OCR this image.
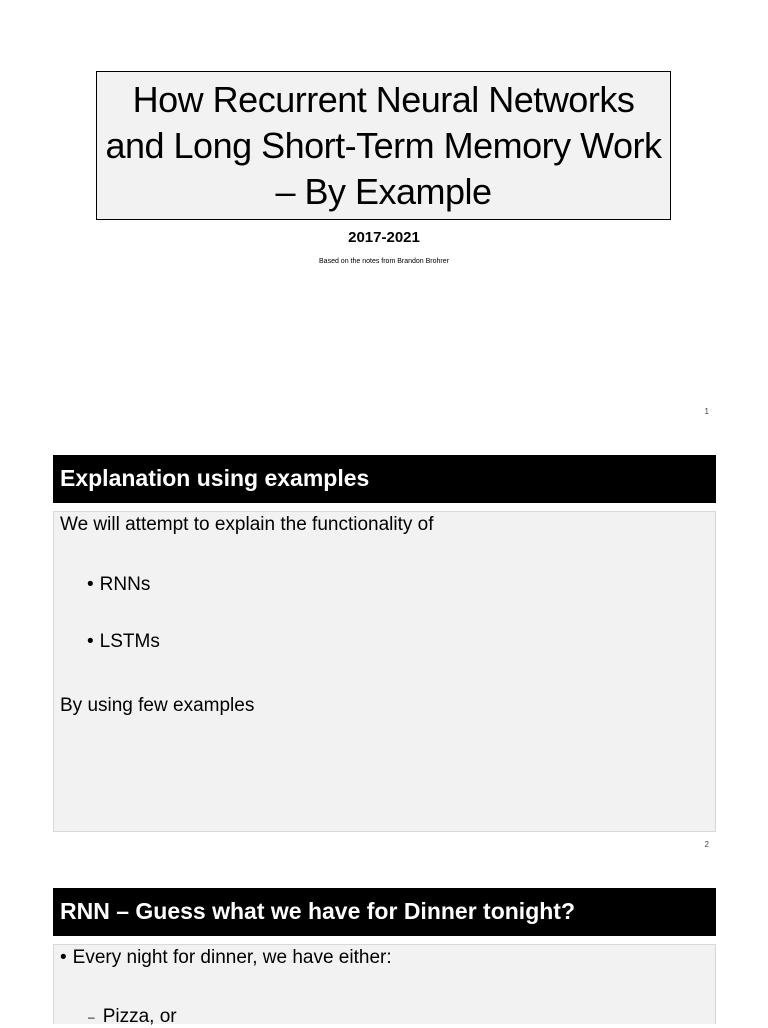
How Recurrent Neural Networks and Long Short-Term Memory Work – By Example
2017-2021
Based on the notes from Brandon Brohrer
1
Explanation using examples
We will attempt to explain the functionality of
• RNNs
• LSTMs
By using few examples
2
RNN – Guess what we have for Dinner tonight?
• Every night for dinner, we have either:
– Pizza, or
